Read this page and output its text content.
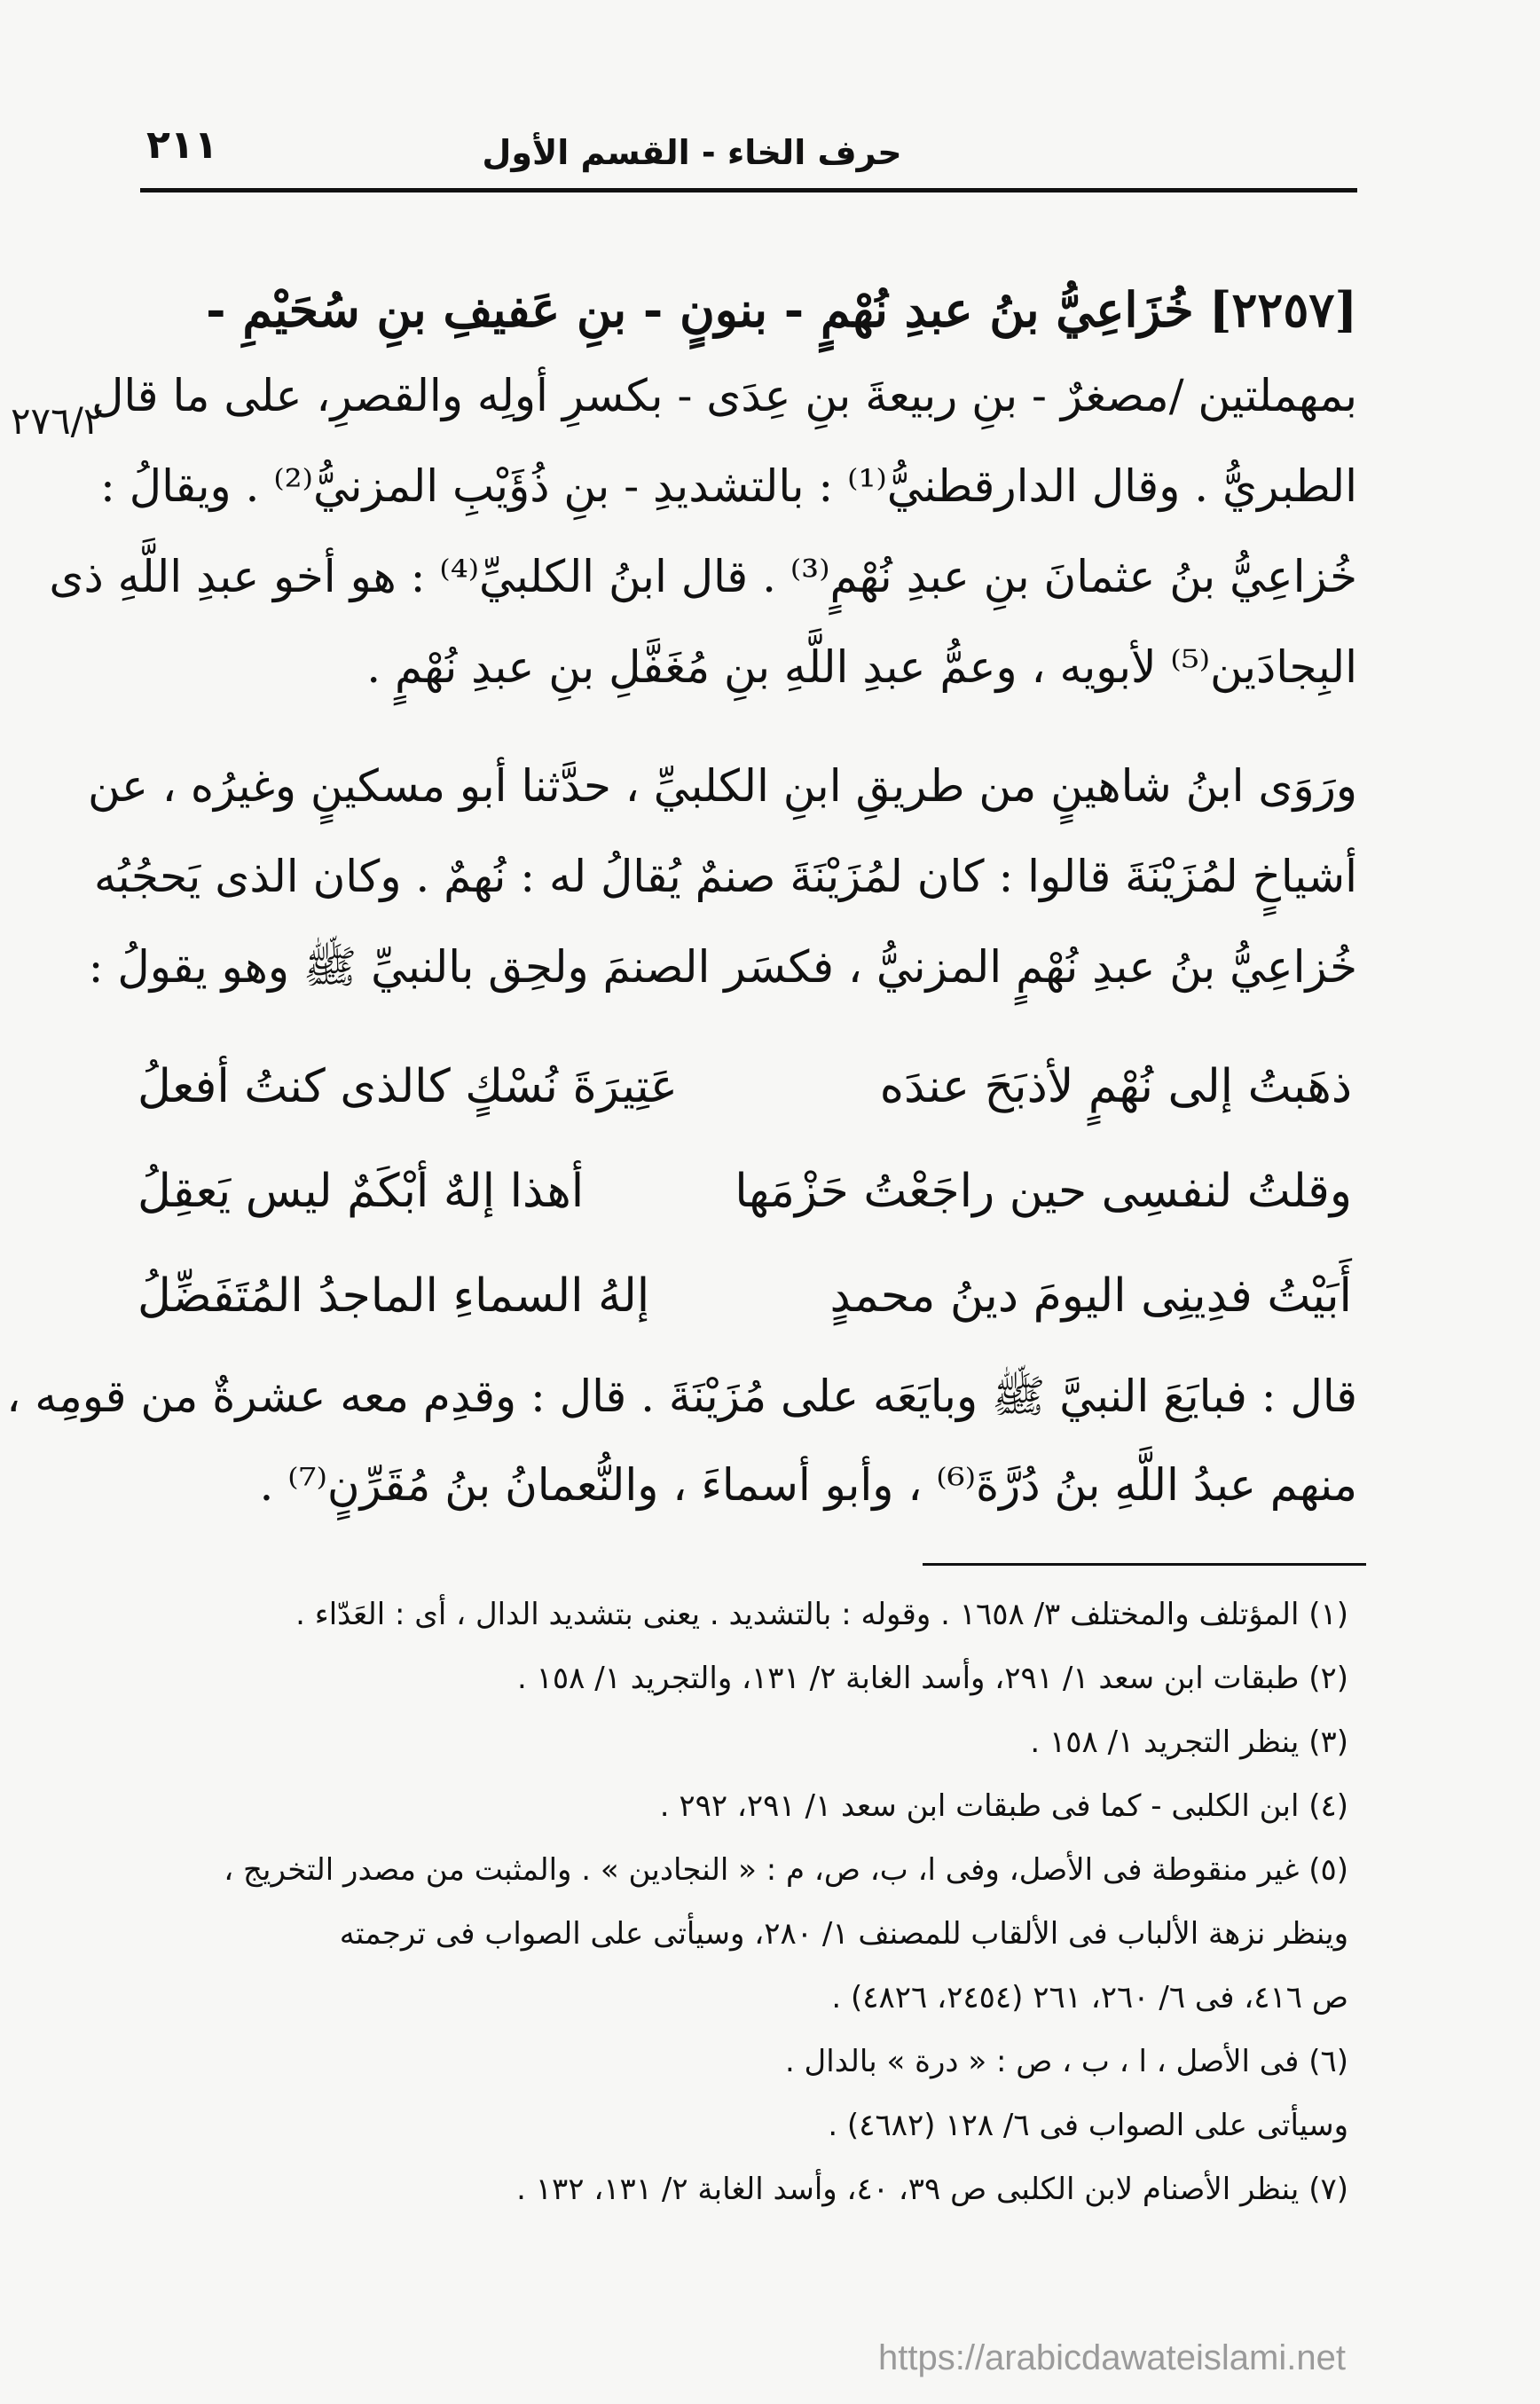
حرف الخاء - القسم الأول
٢١١
٢٧٦/٢
[٢٢٥٧] خُزَاعِيُّ بنُ عبدِ نُهْمٍ - بنونٍ - بنِ عَفيفِ بنِ سُحَيْمِ -
بمهملتين /مصغرٌ - بنِ ربيعةَ بنِ عِدَى - بكسرِ أولِه والقصرِ، على ما قال
الطبريُّ . وقال الدارقطنيُّ⁽¹⁾ : بالتشديدِ - بنِ ذُؤَيْبِ المزنيُّ⁽²⁾ . ويقالُ :
خُزاعِيُّ بنُ عثمانَ بنِ عبدِ نُهْمٍ⁽³⁾ . قال ابنُ الكلبيِّ⁽⁴⁾ : هو أخو عبدِ اللَّهِ ذى
البِجادَين⁽⁵⁾ لأبويه ، وعمُّ عبدِ اللَّهِ بنِ مُغَفَّلِ بنِ عبدِ نُهْمٍ .
ورَوَى ابنُ شاهينٍ من طريقِ ابنِ الكلبيِّ ، حدَّثنا أبو مسكينٍ وغيرُه ، عن
أشياخٍ لمُزَيْنَةَ قالوا : كان لمُزَيْنَةَ صنمٌ يُقالُ له : نُهمٌ . وكان الذى يَحجُبُه
خُزاعِيُّ بنُ عبدِ نُهْمٍ المزنيُّ ، فكسَر الصنمَ ولحِق بالنبيِّ ﷺ وهو يقولُ :
ذهَبتُ إلى نُهْمٍ لأذبَحَ عندَه
عَتِيرَةَ نُسْكٍ كالذى كنتُ أفعلُ
وقلتُ لنفسِى حين راجَعْتُ حَزْمَها
أهذا إلهٌ أبْكَمٌ ليس يَعقِلُ
أَبَيْتُ فدِينِى اليومَ دينُ محمدٍ
إلهُ السماءِ الماجدُ المُتَفَضِّلُ
قال : فبايَعَ النبيَّ ﷺ وبايَعَه على مُزَيْنَةَ . قال : وقدِم معه عشرةٌ من قومِه ،
منهم عبدُ اللَّهِ بنُ دُرَّةَ⁽⁶⁾ ، وأبو أسماءَ ، والنُّعمانُ بنُ مُقَرِّنٍ⁽⁷⁾ .
(١) المؤتلف والمختلف ٣/ ١٦٥٨ . وقوله : بالتشديد . يعنى بتشديد الدال ، أى : العَدّاء .
(٢) طبقات ابن سعد ١/ ٢٩١، وأسد الغابة ٢/ ١٣١، والتجريد ١/ ١٥٨ .
(٣) ينظر التجريد ١/ ١٥٨ .
(٤) ابن الكلبى - كما فى طبقات ابن سعد ١/ ٢٩١، ٢٩٢ .
(٥) غير منقوطة فى الأصل، وفى ا، ب، ص، م : « النجادين » . والمثبت من مصدر التخريج ،
وينظر نزهة الألباب فى الألقاب للمصنف ١/ ٢٨٠، وسيأتى على الصواب فى ترجمته
ص ٤١٦، فى ٦/ ٢٦٠، ٢٦١ (٢٤٥٤، ٤٨٢٦) .
(٦) فى الأصل ، ا ، ب ، ص : « درة » بالدال .
وسيأتى على الصواب فى ٦/ ١٢٨ (٤٦٨٢) .
(٧) ينظر الأصنام لابن الكلبى ص ٣٩، ٤٠، وأسد الغابة ٢/ ١٣١، ١٣٢ .
https://arabicdawateislami.net
